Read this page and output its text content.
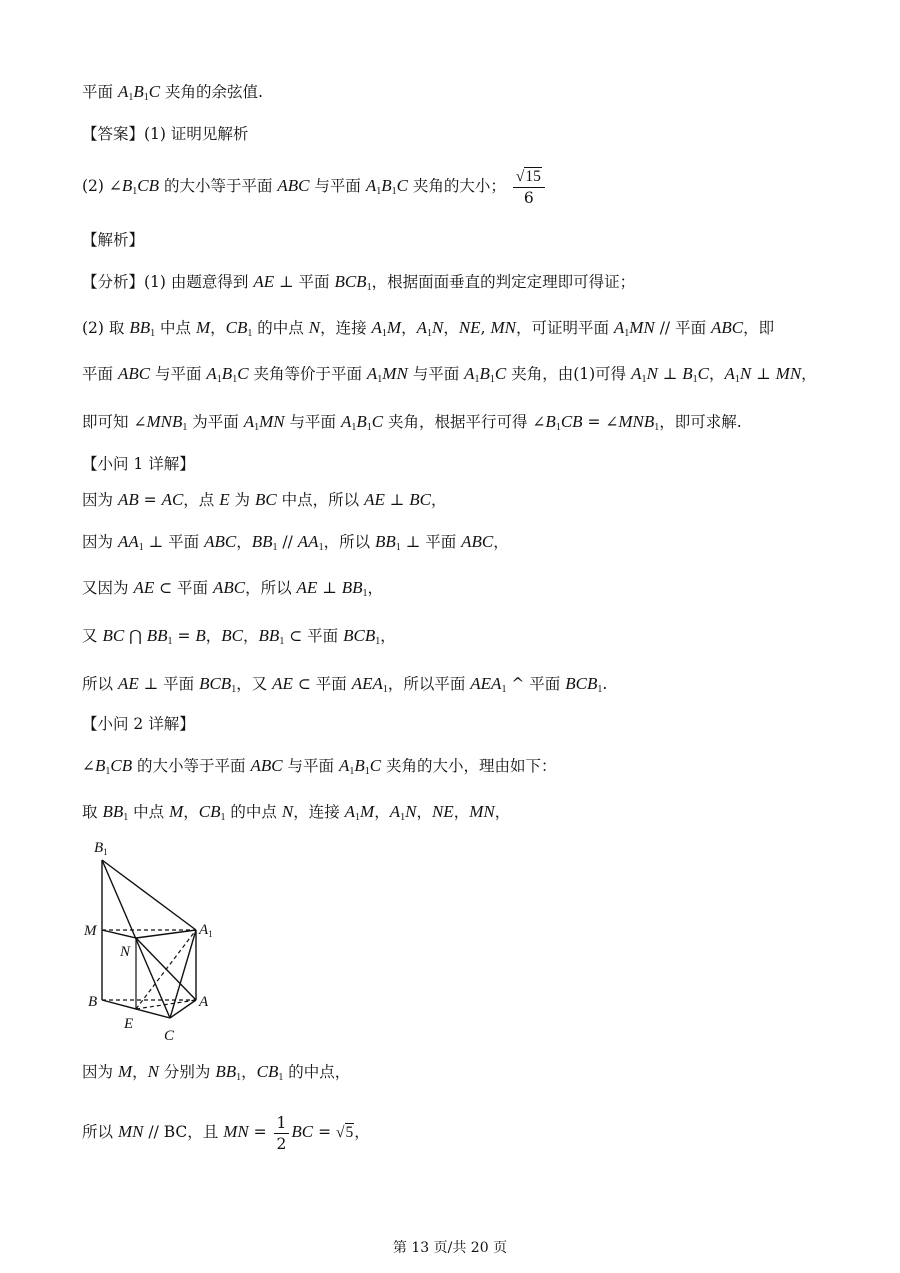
平面 $A_1B_1C$ 夹角的余弦值.
【答案】(1) 证明见解析
(2) $\angle B_1CB$ 的大小等于平面 ABC 与平面 $A_1B_1C$ 夹角的大小； $\frac{√15}{6}$
【解析】
【分析】(1) 由题意得到 AE ⊥ 平面 $BCB_1$，根据面面垂直的判定定理即可得证；
(2) 取 $BB_1$ 中点 M，$CB_1$ 的中点 N，连接 $A_1M$，$A_1N$，NE, MN，可证明平面 $A_1MN$ // 平面 ABC，即
平面 ABC 与平面 $A_1B_1C$ 夹角等价于平面 $A_1MN$ 与平面 $A_1B_1C$ 夹角，由(1)可得 $A_1N$ ⊥ $B_1C$，$A_1N$ ⊥ MN，
即可知 $\angle MNB_1$ 为平面 $A_1MN$ 与平面 $A_1B_1C$ 夹角，根据平行可得 $\angle B_1CB$ = $\angle MNB_1$，即可求解.
【小问 1 详解】
因为 AB = AC，点 E 为 BC 中点，所以 AE ⊥ BC，
因为 $AA_1$ ⊥ 平面 ABC，$BB_1 // AA_1$，所以 $BB_1$ ⊥ 平面 ABC，
又因为 AE ⊂ 平面 ABC，所以 AE ⊥ $BB_1$，
又 BC ⋂ $BB_1 = B$，BC，$BB_1$ ⊂ 平面 $BCB_1$，
所以 AE ⊥ 平面 $BCB_1$，又 AE ⊂ 平面 $AEA_1$，所以平面 $AEA_1$ ^ 平面 $BCB_1$.
【小问 2 详解】
$\angle B_1CB$ 的大小等于平面 ABC 与平面 $A_1B_1C$ 夹角的大小，理由如下：
取 $BB_1$ 中点 M，$CB_1$ 的中点 N，连接 $A_1M$，$A_1N$，NE，MN，
$B_1$
M
N
$A_1$
B	A
E
C
因为 M，N 分别为 $BB_1$，$CB_1$ 的中点，
所以 MN // BC，且 MN = $\frac{1}{2}$ BC = √5，
第 13 页/共 20 页
